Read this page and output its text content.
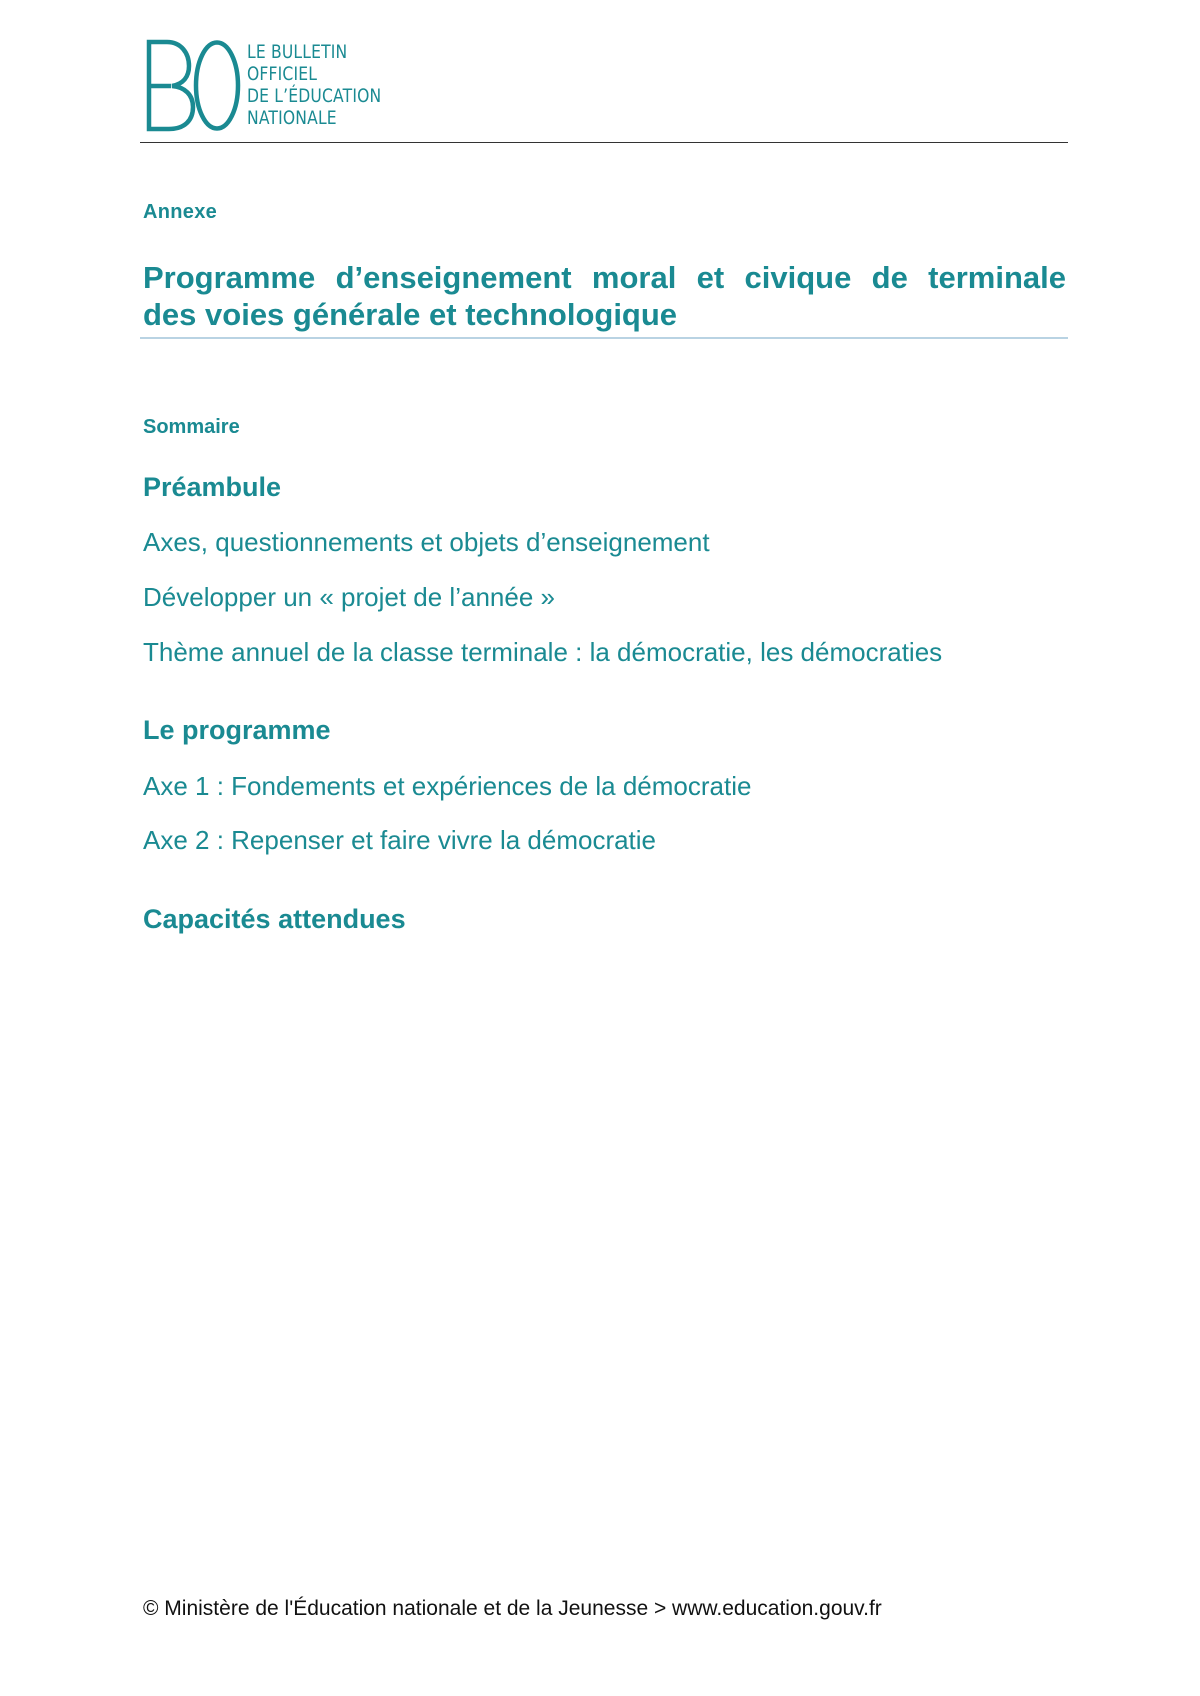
LE BULLETIN
OFFICIEL
DE L’ÉDUCATION
NATIONALE
Annexe
Programme d’enseignement moral et civique de terminale
des voies générale et technologique
Sommaire
Préambule
Axes, questionnements et objets d’enseignement
Développer un « projet de l’année »
Thème annuel de la classe terminale : la démocratie, les démocraties
Le programme
Axe 1 : Fondements et expériences de la démocratie
Axe 2 : Repenser et faire vivre la démocratie
Capacités attendues
© Ministère de l'Éducation nationale et de la Jeunesse > www.education.gouv.fr
